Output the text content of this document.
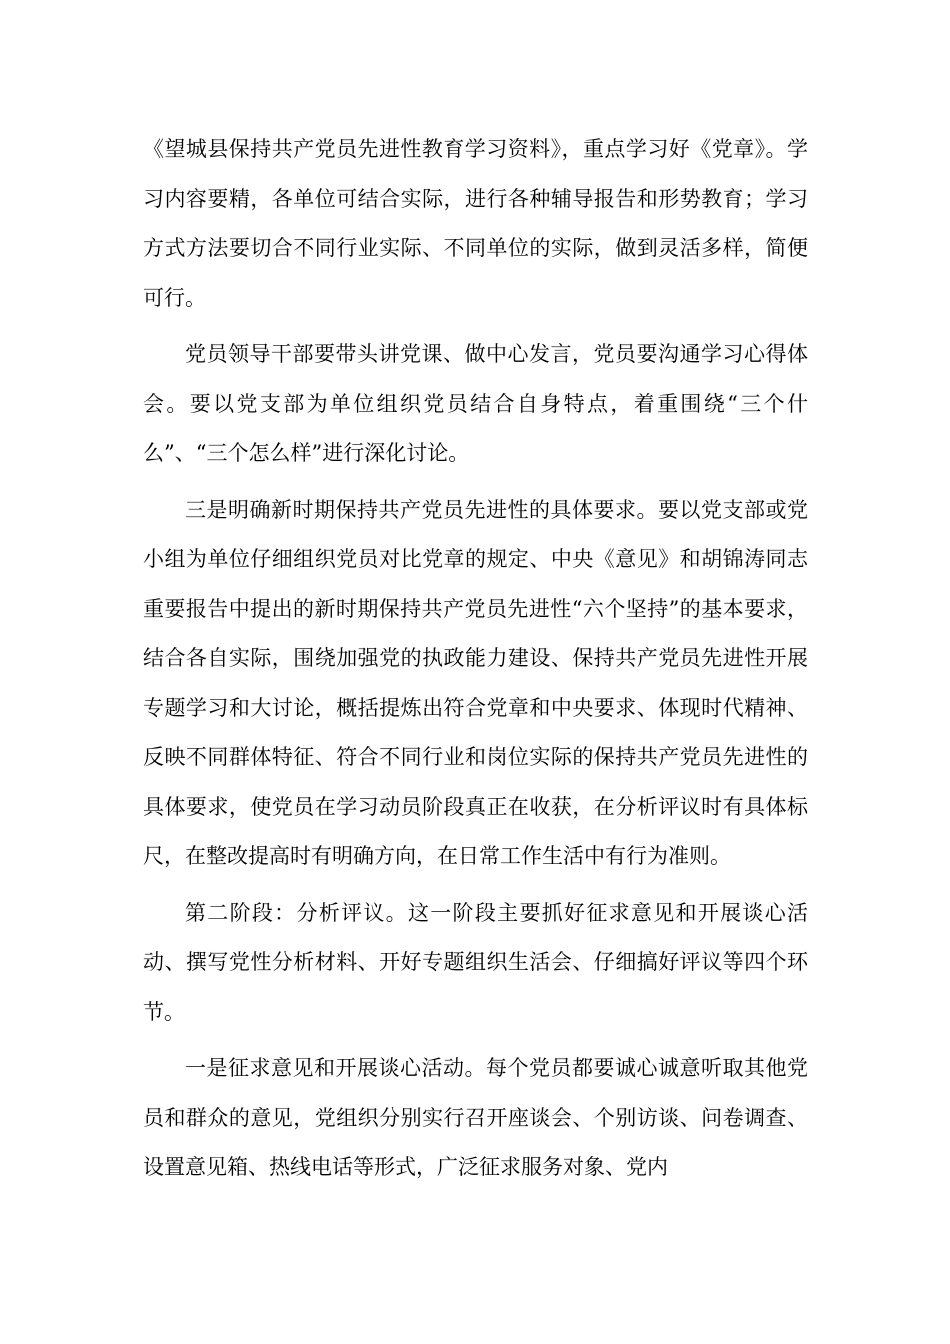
《望城县保持共产党员先进性教育学习资料》，重点学习好《党章》。学习内容要精，各单位可结合实际，进行各种辅导报告和形势教育；学习方式方法要切合不同行业实际、不同单位的实际，做到灵活多样，简便可行。

党员领导干部要带头讲党课、做中心发言，党员要沟通学习心得体会。要以党支部为单位组织党员结合自身特点，着重围绕“三个什么”、“三个怎么样”进行深化讨论。

三是明确新时期保持共产党员先进性的具体要求。要以党支部或党小组为单位仔细组织党员对比党章的规定、中央《意见》和胡锦涛同志重要报告中提出的新时期保持共产党员先进性“六个坚持”的基本要求，结合各自实际，围绕加强党的执政能力建设、保持共产党员先进性开展专题学习和大讨论，概括提炼出符合党章和中央要求、体现时代精神、反映不同群体特征、符合不同行业和岗位实际的保持共产党员先进性的具体要求，使党员在学习动员阶段真正在收获，在分析评议时有具体标尺，在整改提高时有明确方向，在日常工作生活中有行为准则。

第二阶段：分析评议。这一阶段主要抓好征求意见和开展谈心活动、撰写党性分析材料、开好专题组织生活会、仔细搞好评议等四个环节。

一是征求意见和开展谈心活动。每个党员都要诚心诚意听取其他党员和群众的意见，党组织分别实行召开座谈会、个别访谈、问卷调查、设置意见箱、热线电话等形式，广泛征求服务对象、党内
